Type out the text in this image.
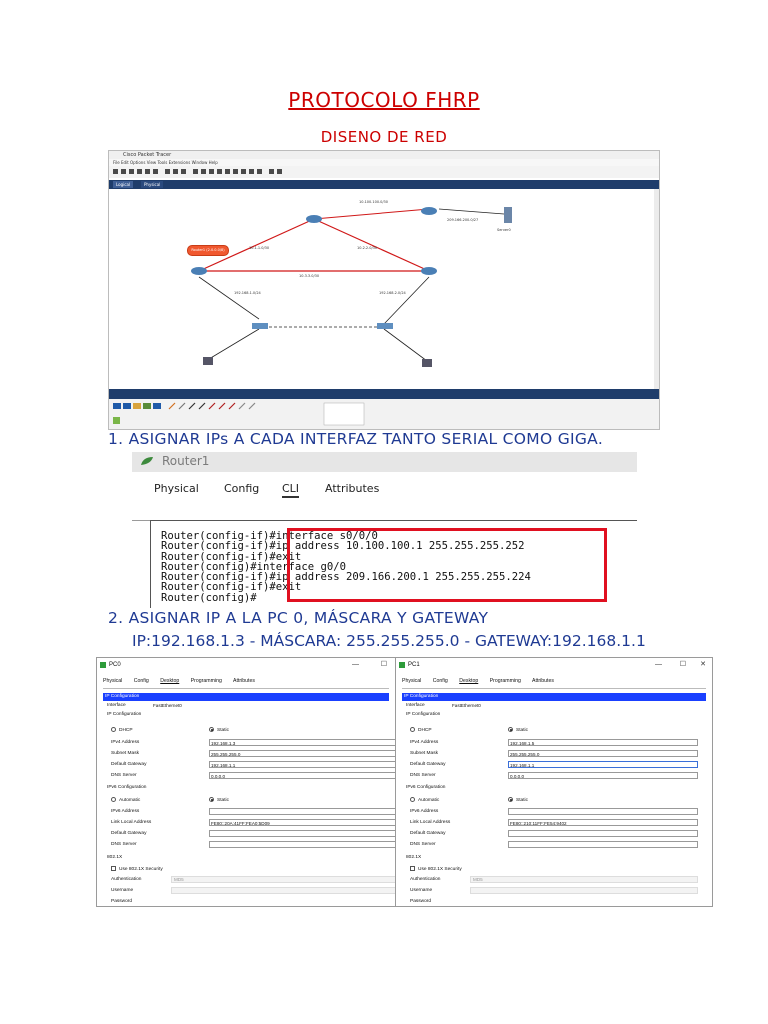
PROTOCOLO FHRP
DISENO DE RED
Cisco Packet Tracer
File Edit Options View Tools Extensions Window Help
Logical	Physical
10.100.100.0/30
10.1.1.0/30
209.166.200.0/27
10.2.2.0/30
10.3.3.0/30
192.168.1.0/24	192.168.2.0/24
Server0
Router1 (2.0.0.0/8)
1. ASIGNAR IPs A CADA INTERFAZ TANTO SERIAL COMO GIGA.
Router1
Physical Config CLI Attributes
Router(config-if)#interface s0/0/0
Router(config-if)#ip address 10.100.100.1 255.255.255.252
Router(config-if)#exit
Router(config)#interface g0/0
Router(config-if)#ip address 209.166.200.1 255.255.255.224
Router(config-if)#exit
Router(config)#
2. ASIGNAR IP A LA PC 0, MÁSCARA Y GATEWAY
IP:192.168.1.3 - MÁSCARA: 255.255.255.0 - GATEWAY:192.168.1.1
PC0	—	☐
Physical Config Desktop Programming Attributes
IP Configuration
Interface	FastEthernet0
IP Configuration
DHCP	Static
IPv4 Address	192.168.1.3
Subnet Mask	255.255.255.0
Default Gateway	192.168.1.1
DNS Server	0.0.0.0
IPv6 Configuration
Automatic	Static
IPv6 Address
Link Local Address	FE80::20A:41FF:FEA0:5D09
Default Gateway
DNS Server
802.1X
Use 802.1X Security
Authentication	MD5
Username
Password
PC1	—	☐ ✕
Physical Config Desktop Programming Attributes
IP Configuration
Interface	FastEthernet0
IP Configuration
DHCP	Static
IPv4 Address	192.168.1.5
Subnet Mask	255.255.255.0
Default Gateway	192.168.1.1
DNS Server	0.0.0.0
IPv6 Configuration
Automatic	Static
IPv6 Address
Link Local Address	FE80::210:11FF:FE54:9402
Default Gateway
DNS Server
802.1X
Use 802.1X Security
Authentication	MD5
Username
Password
